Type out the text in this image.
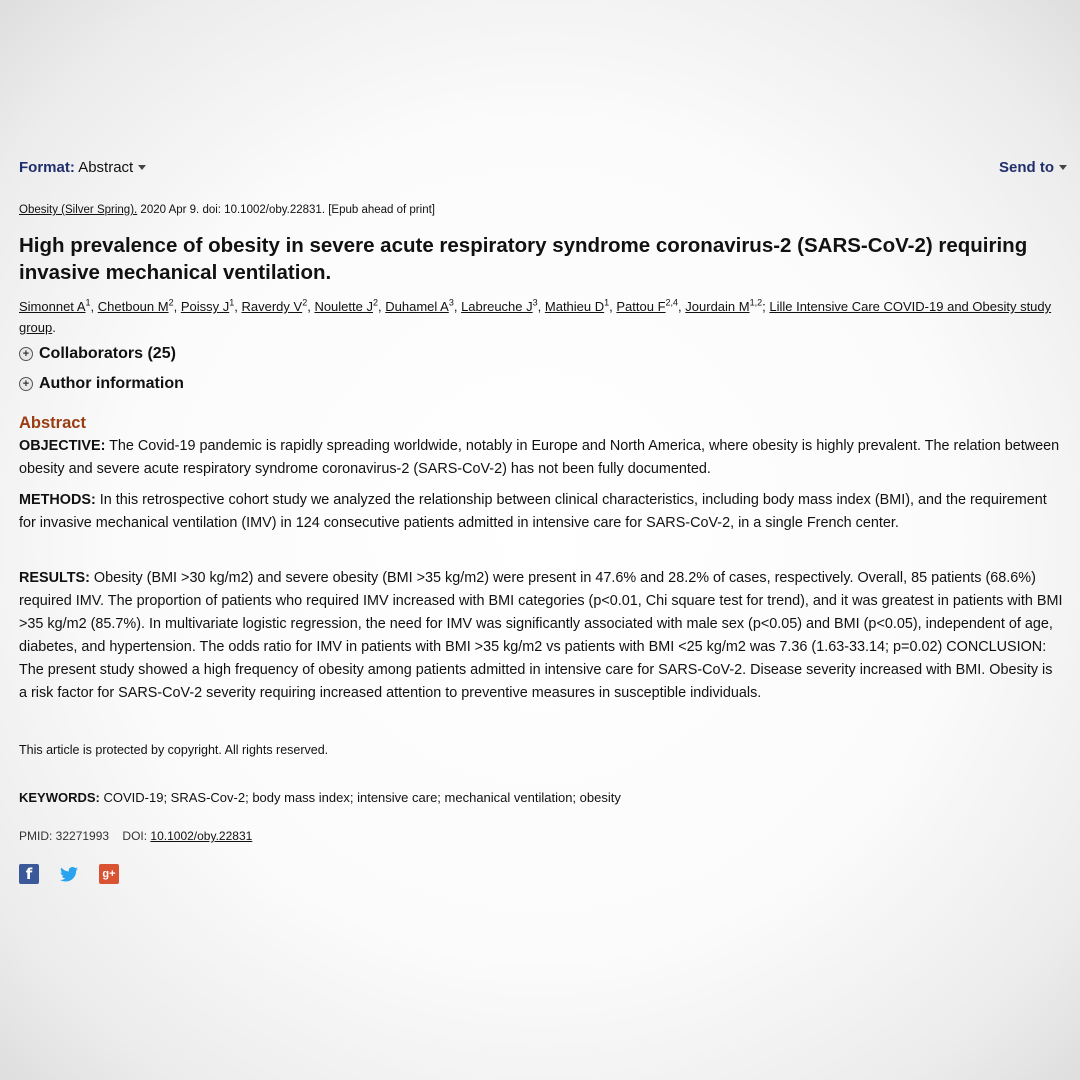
Format: Abstract	Send to
Obesity (Silver Spring). 2020 Apr 9. doi: 10.1002/oby.22831. [Epub ahead of print]
High prevalence of obesity in severe acute respiratory syndrome coronavirus-2 (SARS-CoV-2) requiring invasive mechanical ventilation.
Simonnet $A^1$, Chetboun $M^2$, Poissy $J^1$, Raverdy $V^2$, Noulette $J^2$, Duhamel $A^3$, Labreuche $J^3$, Mathieu $D^1$, Pattou F$^{2,4}$, Jourdain M$^{1,2}$; Lille Intensive Care COVID-19 and Obesity study group.
+ Collaborators (25)
+ Author information
Abstract

OBJECTIVE: The Covid-19 pandemic is rapidly spreading worldwide, notably in Europe and North America, where obesity is highly prevalent. The relation between obesity and severe acute respiratory syndrome coronavirus-2 (SARS-CoV-2) has not been fully documented.

METHODS: In this retrospective cohort study we analyzed the relationship between clinical characteristics, including body mass index (BMI), and the requirement for invasive mechanical ventilation (IMV) in 124 consecutive patients admitted in intensive care for SARS-CoV-2, in a single French center.

RESULTS: Obesity (BMI >30 kg/m2) and severe obesity (BMI >35 kg/m2) were present in 47.6% and 28.2% of cases, respectively. Overall, 85 patients (68.6%) required IMV. The proportion of patients who required IMV increased with BMI categories (p<0.01, Chi square test for trend), and it was greatest in patients with BMI >35 kg/m2 (85.7%). In multivariate logistic regression, the need for IMV was significantly associated with male sex (p<0.05) and BMI (p<0.05), independent of age, diabetes, and hypertension. The odds ratio for IMV in patients with BMI >35 kg/m2 vs patients with BMI <25 kg/m2 was 7.36 (1.63-33.14; p=0.02) CONCLUSION: The present study showed a high frequency of obesity among patients admitted in intensive care for SARS-CoV-2. Disease severity increased with BMI. Obesity is a risk factor for SARS-CoV-2 severity requiring increased attention to preventive measures in susceptible individuals.

This article is protected by copyright. All rights reserved.
KEYWORDS: COVID-19; SRAS-Cov-2; body mass index; intensive care; mechanical ventilation; obesity
PMID: 32271993 DOI: 10.1002/oby.22831
f	g+
